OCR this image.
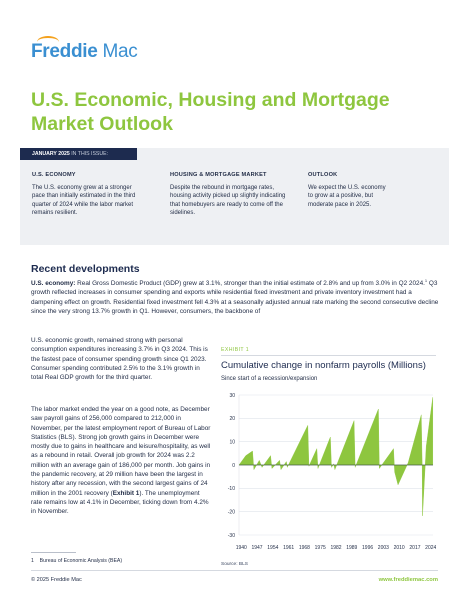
Freddie Mac
U.S. Economic, Housing and Mortgage Market Outlook
JANUARY 2025 IN THIS ISSUE:
U.S. ECONOMY

The U.S. economy grew at a stronger pace than initially estimated in the third quarter of 2024 while the labor market remains resilient.

HOUSING & MORTGAGE MARKET

Despite the rebound in mortgage rates, housing activity picked up slightly indicating that homebuyers are ready to come off the sidelines.

OUTLOOK

We expect the U.S. economy to grow at a positive, but moderate pace in 2025.

Recent developments
U.S. economy: Real Gross Domestic Product (GDP) grew at 3.1%, stronger than the initial estimate of 2.8% and up from 3.0% in Q2 2024.$^1$ Q3 growth reflected increases in consumer spending and exports while residential fixed investment and private inventory investment had a dampening effect on growth. Residential fixed investment fell 4.3% at a seasonally adjusted annual rate marking the second consecutive decline since the very strong 13.7% growth in Q1. However, consumers, the backbone of
U.S. economic growth, remained strong with personal consumption expenditures increasing 3.7% in Q3 2024. This is the fastest pace of consumer spending growth since Q1 2023. Consumer spending contributed 2.5% to the 3.1% growth in total Real GDP growth for the third quarter.
The labor market ended the year on a good note, as December saw payroll gains of 256,000 compared to 212,000 in November, per the latest employment report of Bureau of Labor Statistics (BLS). Strong job growth gains in December were mostly due to gains in healthcare and leisure/hospitality, as well as a rebound in retail. Overall job growth for 2024 was 2.2 million with an average gain of 186,000 per month. Job gains in the pandemic recovery, at 29 million have been the largest in history after any recession, with the second largest gains of 24 million in the 2001 recovery (Exhibit 1). The unemployment rate remains low at 4.1% in December, ticking down from 4.2% in November.
EXHIBIT 1
Cumulative change in nonfarm payrolls (Millions)
Since start of a recession/expansion
30
20
10
0
-10
-20
-30
1940 1947 1954 1961 1968 1975 1982 1989 1996 2003 2010 2017 2024
Source: BLS
1 Bureau of Economic Analysis (BEA)
© 2025 Freddie Mac	www.freddiemac.com
